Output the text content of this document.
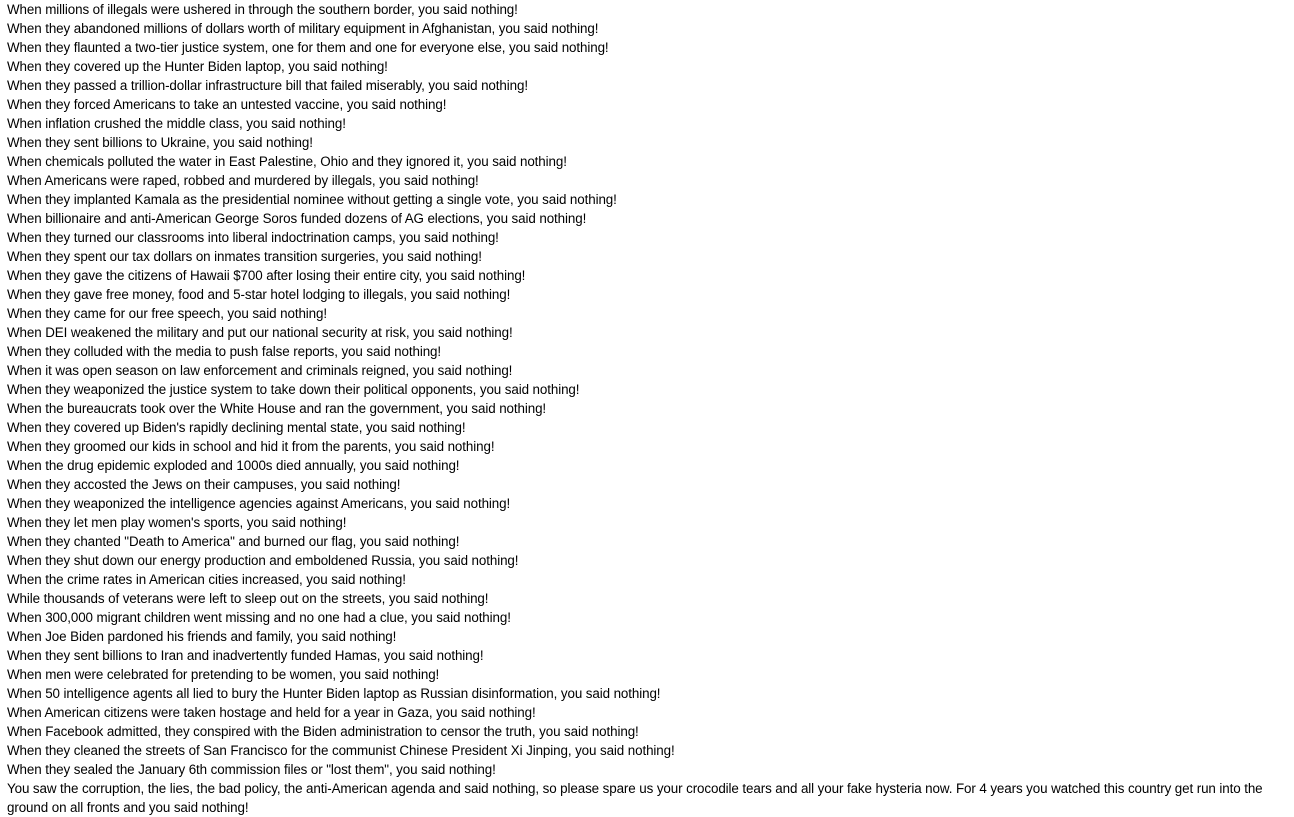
When millions of illegals were ushered in through the southern border, you said nothing!
When they abandoned millions of dollars worth of military equipment in Afghanistan, you said nothing!
When they flaunted a two-tier justice system, one for them and one for everyone else, you said nothing!
When they covered up the Hunter Biden laptop, you said nothing!
When they passed a trillion-dollar infrastructure bill that failed miserably, you said nothing!
When they forced Americans to take an untested vaccine, you said nothing!
When inflation crushed the middle class, you said nothing!
When they sent billions to Ukraine, you said nothing!
When chemicals polluted the water in East Palestine, Ohio and they ignored it, you said nothing!
When Americans were raped, robbed and murdered by illegals, you said nothing!
When they implanted Kamala as the presidential nominee without getting a single vote, you said nothing!
When billionaire and anti-American George Soros funded dozens of AG elections, you said nothing!
When they turned our classrooms into liberal indoctrination camps, you said nothing!
When they spent our tax dollars on inmates transition surgeries, you said nothing!
When they gave the citizens of Hawaii $700 after losing their entire city, you said nothing!
When they gave free money, food and 5-star hotel lodging to illegals, you said nothing!
When they came for our free speech, you said nothing!
When DEI weakened the military and put our national security at risk, you said nothing!
When they colluded with the media to push false reports, you said nothing!
When it was open season on law enforcement and criminals reigned, you said nothing!
When they weaponized the justice system to take down their political opponents, you said nothing!
When the bureaucrats took over the White House and ran the government, you said nothing!
When they covered up Biden's rapidly declining mental state, you said nothing!
When they groomed our kids in school and hid it from the parents, you said nothing!
When the drug epidemic exploded and 1000s died annually, you said nothing!
When they accosted the Jews on their campuses, you said nothing!
When they weaponized the intelligence agencies against Americans, you said nothing!
When they let men play women's sports, you said nothing!
When they chanted "Death to America" and burned our flag, you said nothing!
When they shut down our energy production and emboldened Russia, you said nothing!
When the crime rates in American cities increased, you said nothing!
While thousands of veterans were left to sleep out on the streets, you said nothing!
When 300,000 migrant children went missing and no one had a clue, you said nothing!
When Joe Biden pardoned his friends and family, you said nothing!
When they sent billions to Iran and inadvertently funded Hamas, you said nothing!
When men were celebrated for pretending to be women, you said nothing!
When 50 intelligence agents all lied to bury the Hunter Biden laptop as Russian disinformation, you said nothing!
When American citizens were taken hostage and held for a year in Gaza, you said nothing!
When Facebook admitted, they conspired with the Biden administration to censor the truth, you said nothing!
When they cleaned the streets of San Francisco for the communist Chinese President Xi Jinping, you said nothing!
When they sealed the January 6th commission files or "lost them", you said nothing!
You saw the corruption, the lies, the bad policy, the anti-American agenda and said nothing, so please spare us your crocodile tears and all your fake hysteria now. For 4 years you watched this country get run into the ground on all fronts and you said nothing!
